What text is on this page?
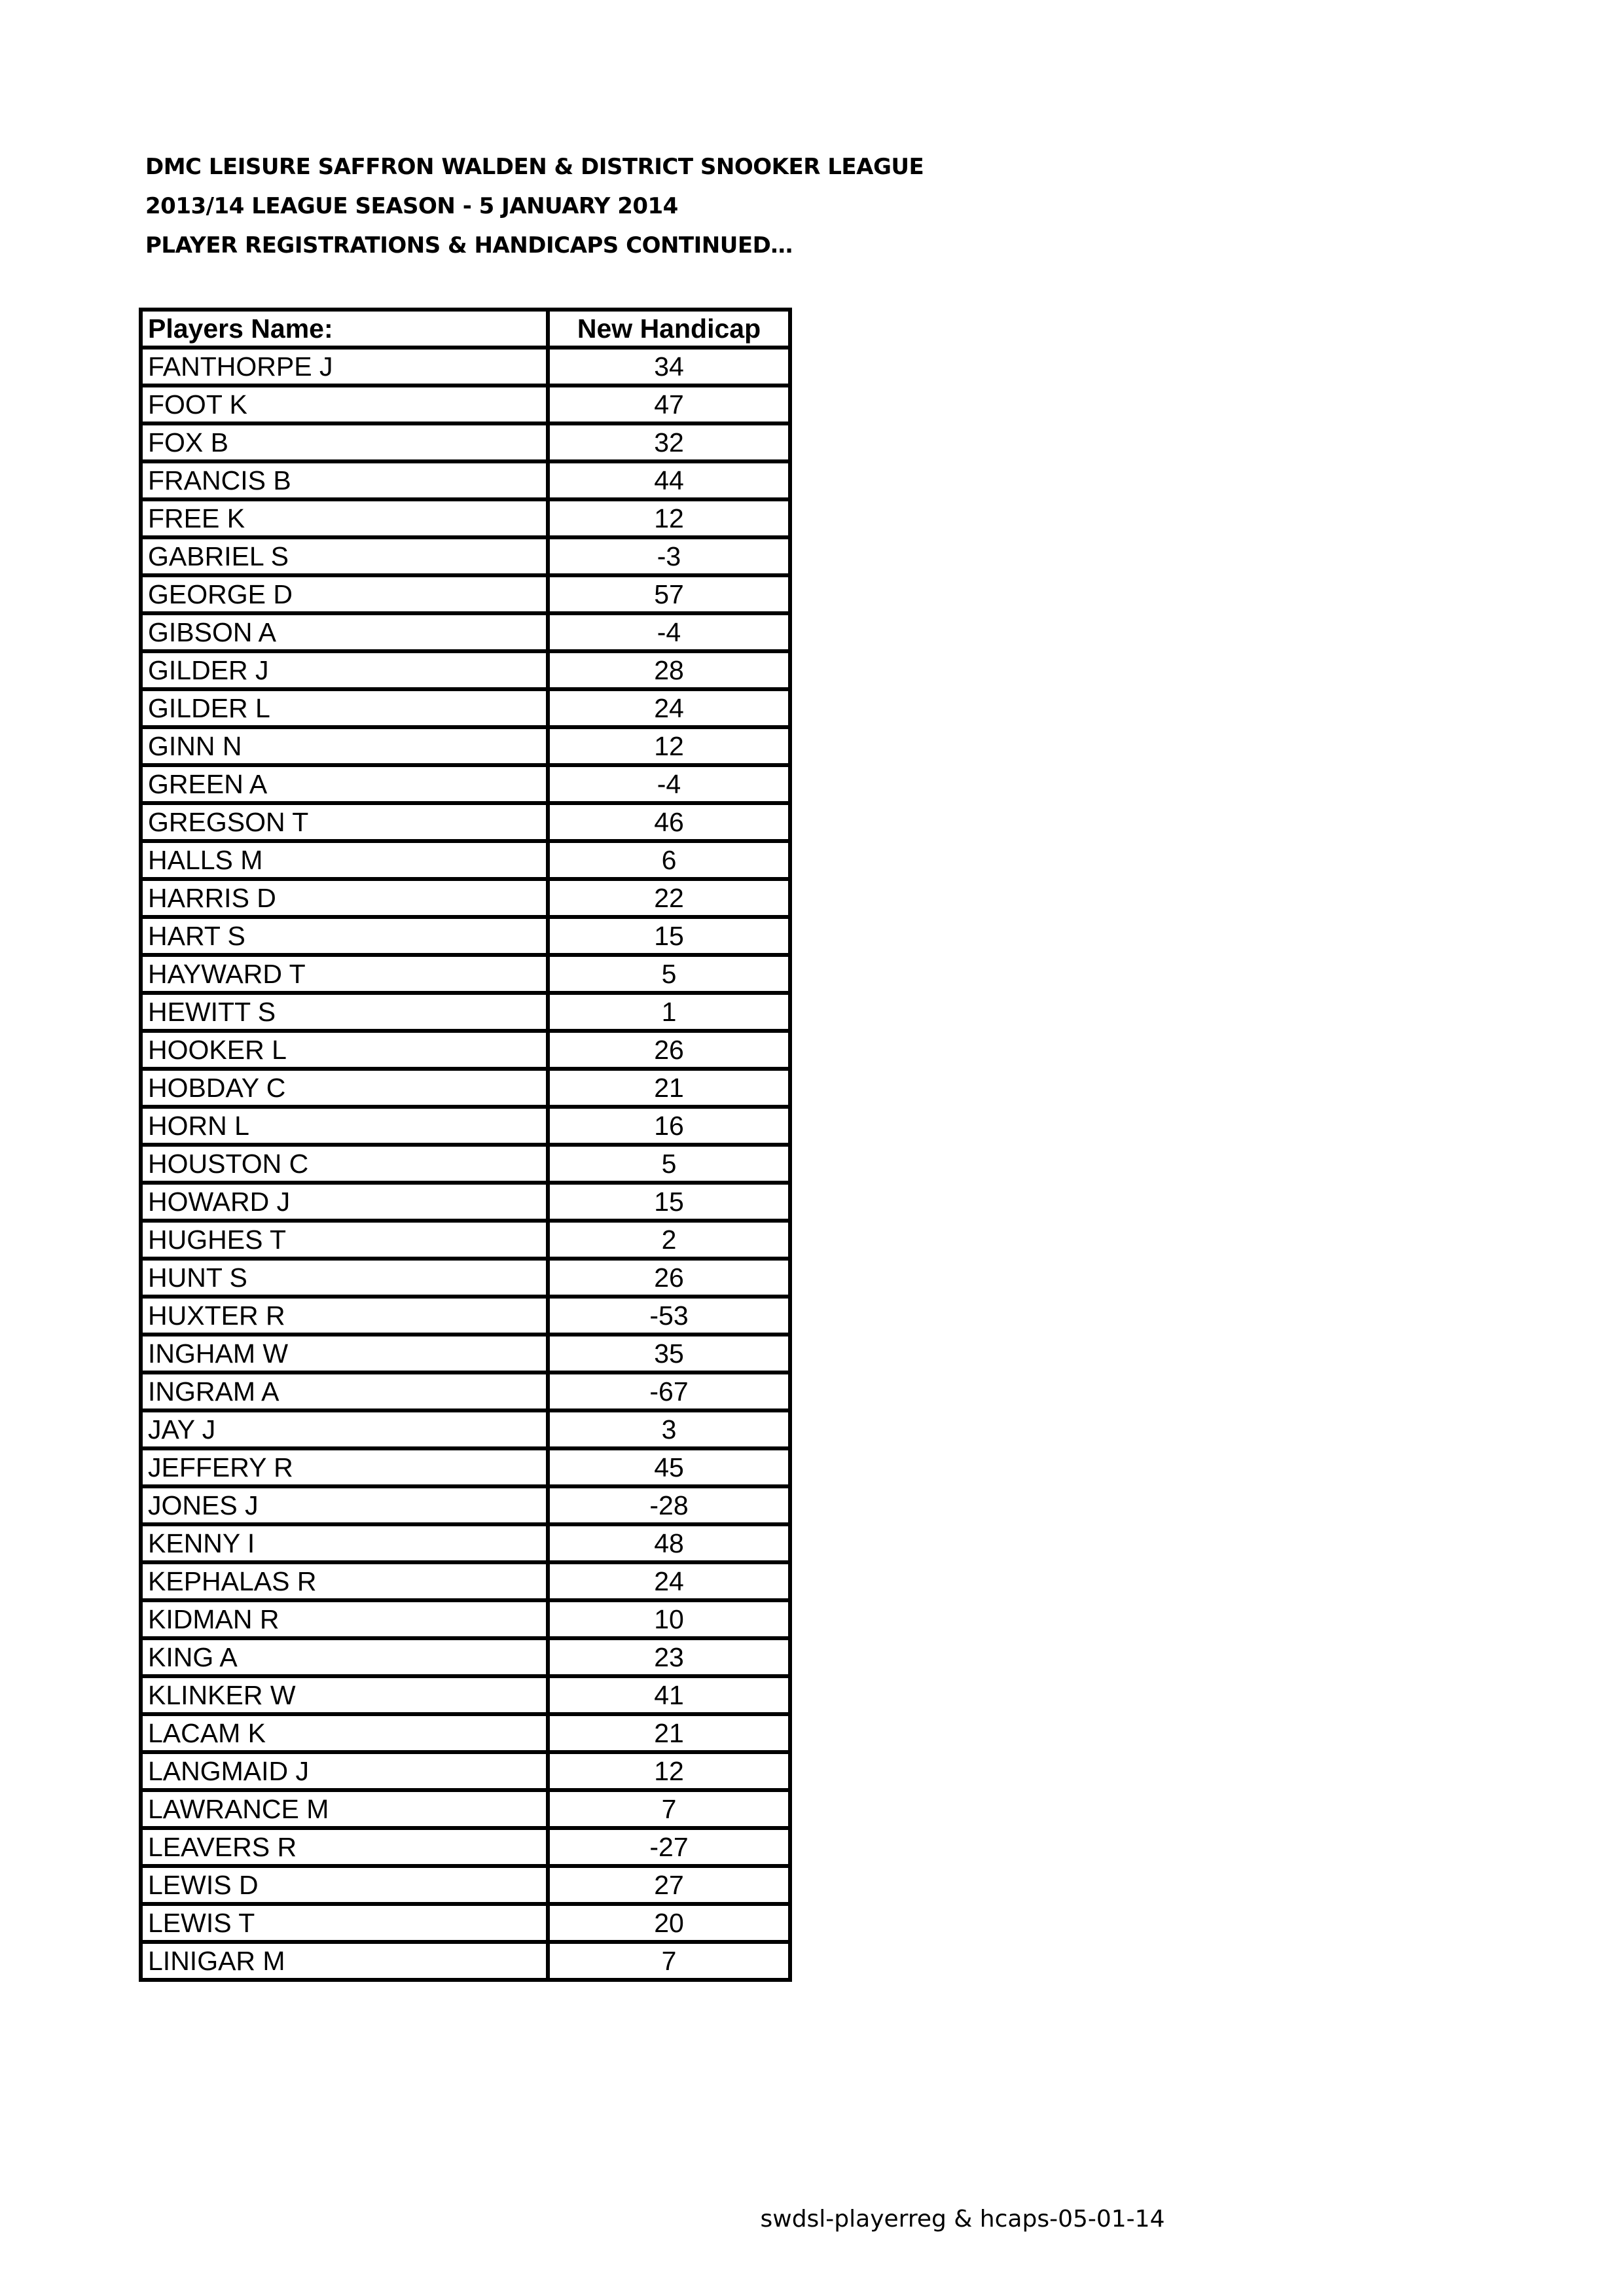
DMC LEISURE SAFFRON WALDEN & DISTRICT SNOOKER LEAGUE
2013/14 LEAGUE SEASON - 5 JANUARY 2014
PLAYER REGISTRATIONS & HANDICAPS CONTINUED…
Players Name:	New Handicap
FANTHORPE J	34
FOOT K	47
FOX B	32
FRANCIS B	44
FREE K	12
GABRIEL S	-3
GEORGE D	57
GIBSON A	-4
GILDER J	28
GILDER L	24
GINN N	12
GREEN A	-4
GREGSON T	46
HALLS M	6
HARRIS D	22
HART S	15
HAYWARD T	5
HEWITT S	1
HOOKER L	26
HOBDAY C	21
HORN L	16
HOUSTON C	5
HOWARD J	15
HUGHES T	2
HUNT S	26
HUXTER R	-53
INGHAM W	35
INGRAM A	-67
JAY J	3
JEFFERY R	45
JONES J	-28
KENNY I	48
KEPHALAS R	24
KIDMAN R	10
KING A	23
KLINKER W	41
LACAM K	21
LANGMAID J	12
LAWRANCE M	7
LEAVERS R	-27
LEWIS D	27
LEWIS T	20
LINIGAR M	7
swdsl-playerreg & hcaps-05-01-14
